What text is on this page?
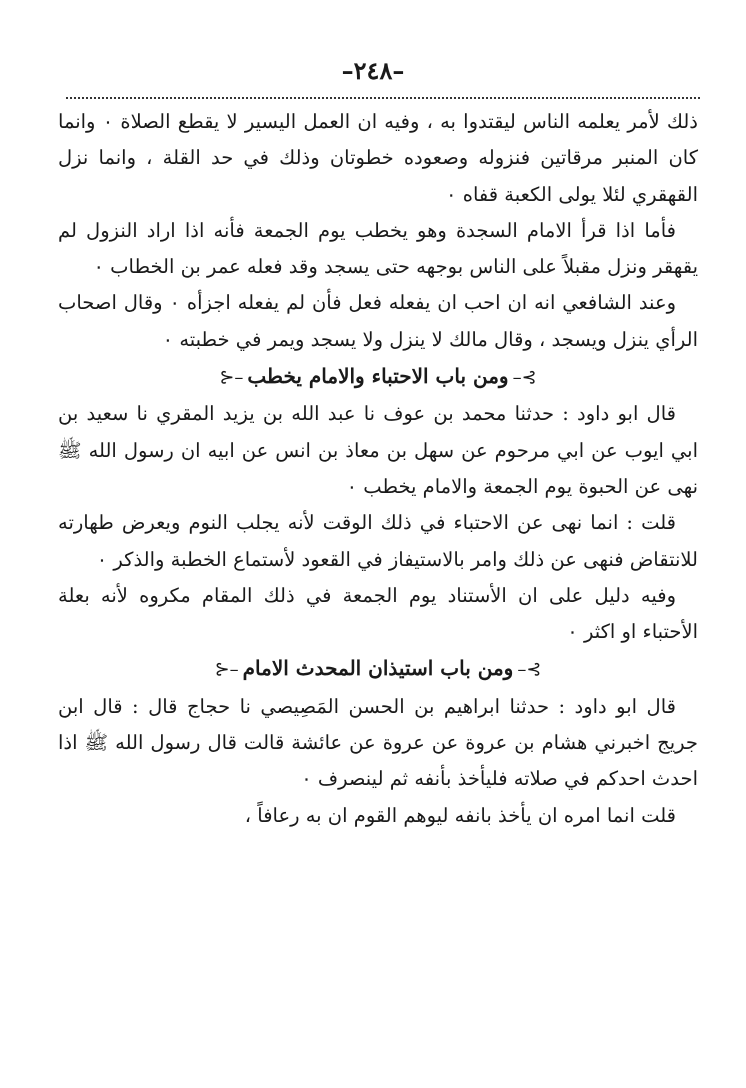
–٢٤٨–

ذلك لأمر يعلمه الناس ليقتدوا به ، وفيه ان العمل اليسير لا يقطع الصلاة ٠ وانما كان المنبر مرقاتين فنزوله وصعوده خطوتان وذلك في حد القلة ، وانما نزل القهقري لئلا يولى الكعبة قفاه ٠

فأما اذا قرأ الامام السجدة وهو يخطب يوم الجمعة فأنه اذا اراد النزول لم يقهقر ونزل مقبلاً على الناس بوجهه حتى يسجد وقد فعله عمر بن الخطاب ٠

وعند الشافعي انه ان احب ان يفعله فعل فأن لم يفعله اجزأه ٠ وقال اصحاب الرأي ينزل ويسجد ، وقال مالك لا ينزل ولا يسجد ويمر في خطبته ٠

⊱–ومن باب الاحتباء والامام يخطب–⊰

قال ابو داود : حدثنا محمد بن عوف نا عبد الله بن يزيد المقري نا سعيد بن ابي ايوب عن ابي مرحوم عن سهل بن معاذ بن انس عن ابيه ان رسول الله ﷺ نهى عن الحبوة يوم الجمعة والامام يخطب ٠

قلت : انما نهى عن الاحتباء في ذلك الوقت لأنه يجلب النوم ويعرض طهارته للانتقاض فنهى عن ذلك وامر بالاستيفاز في القعود لأستماع الخطبة والذكر ٠

وفيه دليل على ان الأستناد يوم الجمعة في ذلك المقام مكروه لأنه بعلة الأحتباء او اكثر ٠

⊱–ومن باب استيذان المحدث الامام–⊰

قال ابو داود : حدثنا ابراهيم بن الحسن المَصِيصي نا حجاج قال : قال ابن جريج اخبرني هشام بن عروة عن عروة عن عائشة قالت قال رسول الله ﷺ اذا احدث احدكم في صلاته فليأخذ بأنفه ثم لينصرف ٠

قلت انما امره ان يأخذ بانفه ليوهم القوم ان به رعافاً ،
